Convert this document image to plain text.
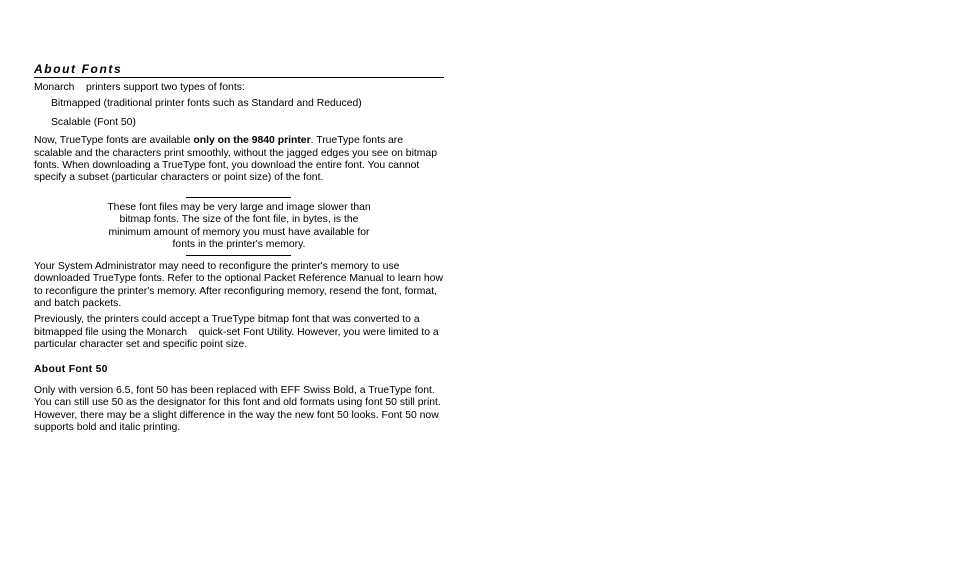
About Fonts

Monarch    printers support two types of fonts:

Bitmapped (traditional printer fonts such as Standard and Reduced)

Scalable (Font 50)

Now, TrueType fonts are available only on the 9840 printer. TrueType fonts are scalable and the characters print smoothly, without the jagged edges you see on bitmap fonts. When downloading a TrueType font, you download the entire font. You cannot specify a subset (particular characters or point size) of the font.

These font files may be very large and image slower than
bitmap fonts. The size of the font file, in bytes, is the
minimum amount of memory you must have available for
fonts in the printer's memory.

Your System Administrator may need to reconfigure the printer's memory to use downloaded TrueType fonts. Refer to the optional Packet Reference Manual to learn how to reconfigure the printer's memory. After reconfiguring memory, resend the font, format, and batch packets.

Previously, the printers could accept a TrueType bitmap font that was converted to a bitmapped file using the Monarch    quick-set Font Utility. However, you were limited to a particular character set and specific point size.

About Font 50

Only with version 6.5, font 50 has been replaced with EFF Swiss Bold, a TrueType font. You can still use 50 as the designator for this font and old formats using font 50 still print. However, there may be a slight difference in the way the new font 50 looks. Font 50 now supports bold and italic printing.
